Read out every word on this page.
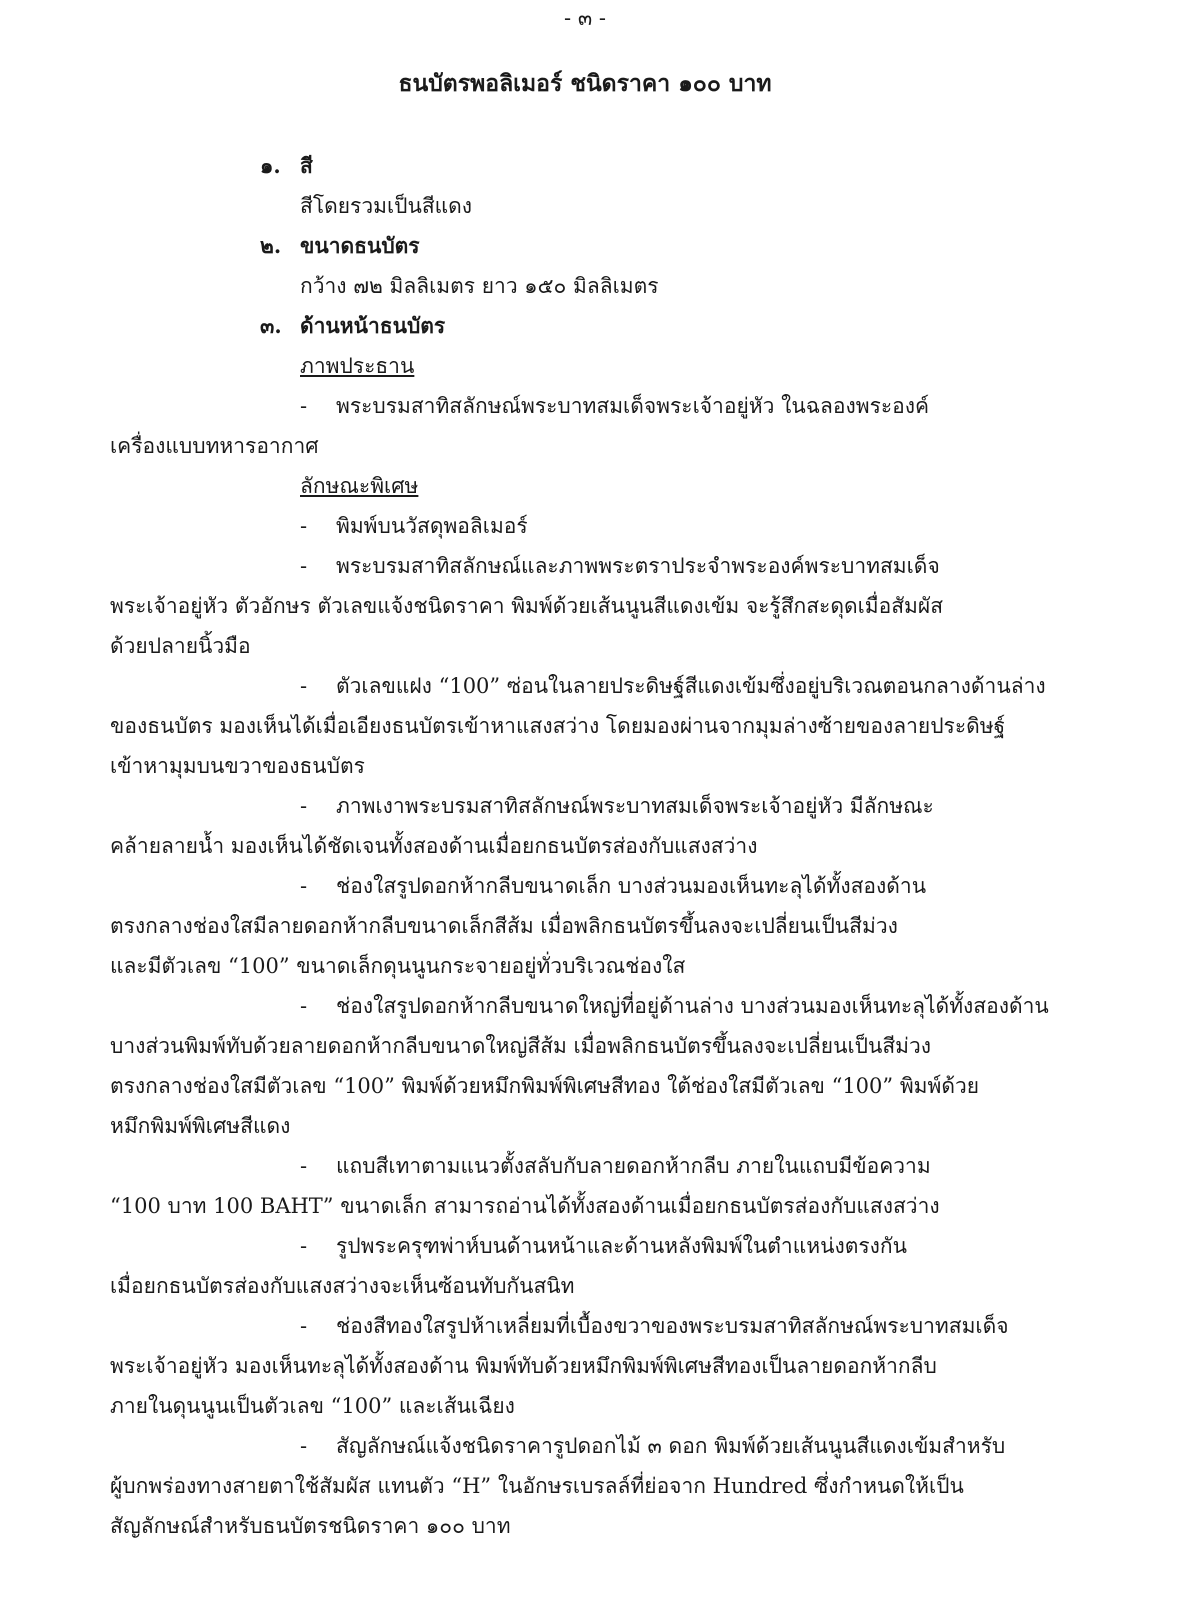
- ๓ -
ธนบัตรพอลิเมอร์ ชนิดราคา ๑๐๐ บาท
๑. สี
สีโดยรวมเป็นสีแดง
๒. ขนาดธนบัตร
กว้าง ๗๒ มิลลิเมตร ยาว ๑๕๐ มิลลิเมตร
๓. ด้านหน้าธนบัตร
ภาพประธาน
- พระบรมสาทิสลักษณ์พระบาทสมเด็จพระเจ้าอยู่หัว ในฉลองพระองค์
เครื่องแบบทหารอากาศ
ลักษณะพิเศษ
- พิมพ์บนวัสดุพอลิเมอร์
- พระบรมสาทิสลักษณ์และภาพพระตราประจำพระองค์พระบาทสมเด็จ
พระเจ้าอยู่หัว ตัวอักษร ตัวเลขแจ้งชนิดราคา พิมพ์ด้วยเส้นนูนสีแดงเข้ม จะรู้สึกสะดุดเมื่อสัมผัส
ด้วยปลายนิ้วมือ
- ตัวเลขแฝง “100” ซ่อนในลายประดิษฐ์สีแดงเข้มซึ่งอยู่บริเวณตอนกลางด้านล่าง
ของธนบัตร มองเห็นได้เมื่อเอียงธนบัตรเข้าหาแสงสว่าง โดยมองผ่านจากมุมล่างซ้ายของลายประดิษฐ์
เข้าหามุมบนขวาของธนบัตร
- ภาพเงาพระบรมสาทิสลักษณ์พระบาทสมเด็จพระเจ้าอยู่หัว มีลักษณะ
คล้ายลายน้ำ มองเห็นได้ชัดเจนทั้งสองด้านเมื่อยกธนบัตรส่องกับแสงสว่าง
- ช่องใสรูปดอกห้ากลีบขนาดเล็ก บางส่วนมองเห็นทะลุได้ทั้งสองด้าน
ตรงกลางช่องใสมีลายดอกห้ากลีบขนาดเล็กสีส้ม เมื่อพลิกธนบัตรขึ้นลงจะเปลี่ยนเป็นสีม่วง
และมีตัวเลข “100” ขนาดเล็กดุนนูนกระจายอยู่ทั่วบริเวณช่องใส
- ช่องใสรูปดอกห้ากลีบขนาดใหญ่ที่อยู่ด้านล่าง บางส่วนมองเห็นทะลุได้ทั้งสองด้าน
บางส่วนพิมพ์ทับด้วยลายดอกห้ากลีบขนาดใหญ่สีส้ม เมื่อพลิกธนบัตรขึ้นลงจะเปลี่ยนเป็นสีม่วง
ตรงกลางช่องใสมีตัวเลข “100” พิมพ์ด้วยหมึกพิมพ์พิเศษสีทอง ใต้ช่องใสมีตัวเลข “100” พิมพ์ด้วย
หมึกพิมพ์พิเศษสีแดง
- แถบสีเทาตามแนวตั้งสลับกับลายดอกห้ากลีบ ภายในแถบมีข้อความ
“100 บาท 100 BAHT” ขนาดเล็ก สามารถอ่านได้ทั้งสองด้านเมื่อยกธนบัตรส่องกับแสงสว่าง
- รูปพระครุฑพ่าห์บนด้านหน้าและด้านหลังพิมพ์ในตำแหน่งตรงกัน
เมื่อยกธนบัตรส่องกับแสงสว่างจะเห็นซ้อนทับกันสนิท
- ช่องสีทองใสรูปห้าเหลี่ยมที่เบื้องขวาของพระบรมสาทิสลักษณ์พระบาทสมเด็จ
พระเจ้าอยู่หัว มองเห็นทะลุได้ทั้งสองด้าน พิมพ์ทับด้วยหมึกพิมพ์พิเศษสีทองเป็นลายดอกห้ากลีบ
ภายในดุนนูนเป็นตัวเลข “100” และเส้นเฉียง
- สัญลักษณ์แจ้งชนิดราคารูปดอกไม้ ๓ ดอก พิมพ์ด้วยเส้นนูนสีแดงเข้มสำหรับ
ผู้บกพร่องทางสายตาใช้สัมผัส แทนตัว “H” ในอักษรเบรลล์ที่ย่อจาก Hundred ซึ่งกำหนดให้เป็น
สัญลักษณ์สำหรับธนบัตรชนิดราคา ๑๐๐ บาท
